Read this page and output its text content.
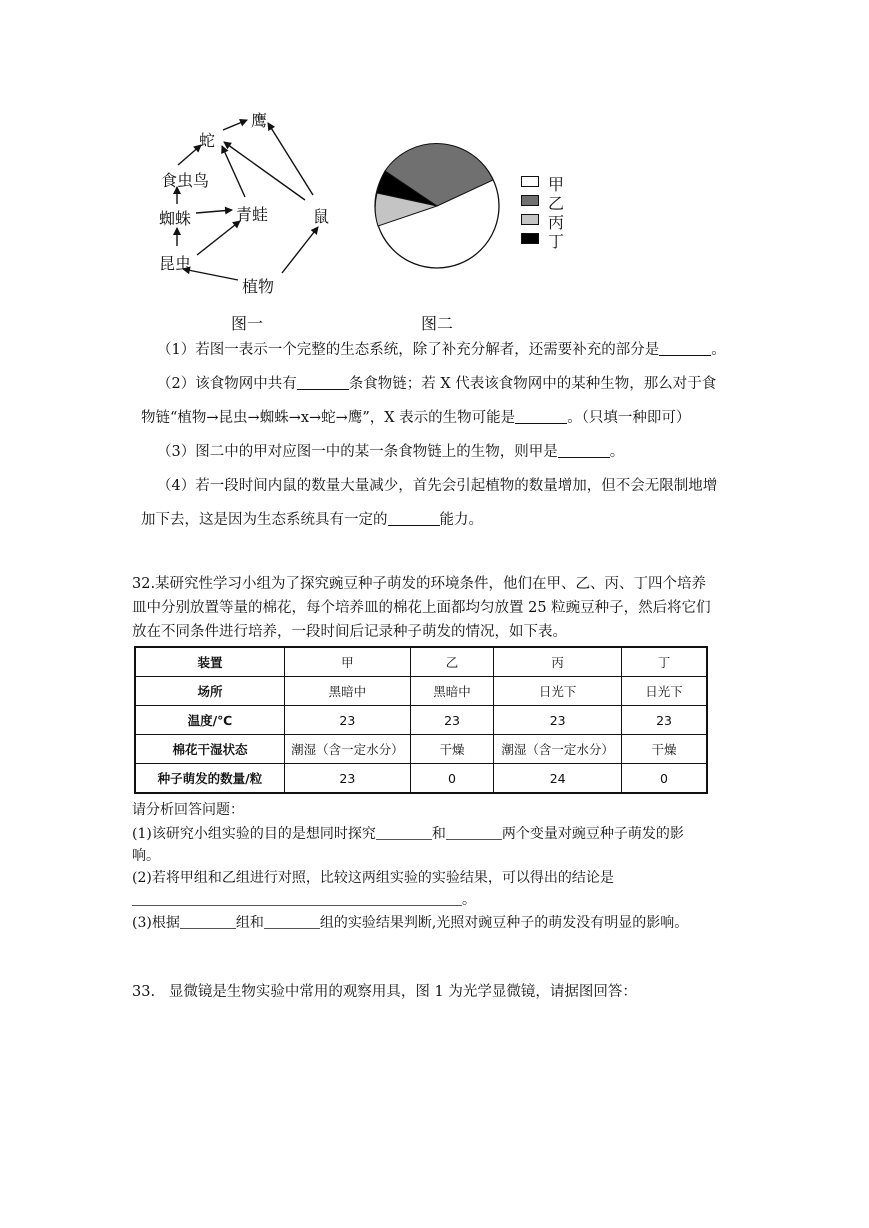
鹰
蛇
食虫鸟
蜘蛛	青蛙	鼠
昆虫
植物
图一
甲
乙
丙
丁
图二
（1）若图一表示一个完整的生态系统，除了补充分解者，还需要补充的部分是	。
（2）该食物网中共有	条食物链；若 X 代表该食物网中的某种生物，那么对于食
物链“植物→昆虫→蜘蛛→x→蛇→鹰”，X 表示的生物可能是	。（只填一种即可）
（3）图二中的甲对应图一中的某一条食物链上的生物，则甲是	。
（4）若一段时间内鼠的数量大量减少，首先会引起植物的数量增加，但不会无限制地增
加下去，这是因为生态系统具有一定的	能力。
32.某研究性学习小组为了探究豌豆种子萌发的环境条件，他们在甲、乙、丙、丁四个培养
皿中分别放置等量的棉花，每个培养皿的棉花上面都均匀放置 25 粒豌豆种子，然后将它们
放在不同条件进行培养，一段时间后记录种子萌发的情况，如下表。
装置	甲	乙	丙	丁
场所	黑暗中	黑暗中	日光下	日光下
温度/℃	23	23	23	23
棉花干湿状态	潮湿（含一定水分）	干燥	潮湿（含一定水分）	干燥
种子萌发的数量/粒	23	0	24	0
请分析回答问题：
(1)该研究小组实验的目的是想同时探究	和	两个变量对豌豆种子萌发的影
响。
(2)若将甲组和乙组进行对照，比较这两组实验的实验结果，可以得出的结论是
。
(3)根据	组和	组的实验结果判断,光照对豌豆种子的萌发没有明显的影响。
33.   显微镜是生物实验中常用的观察用具，图 1 为光学显微镜，请据图回答：
